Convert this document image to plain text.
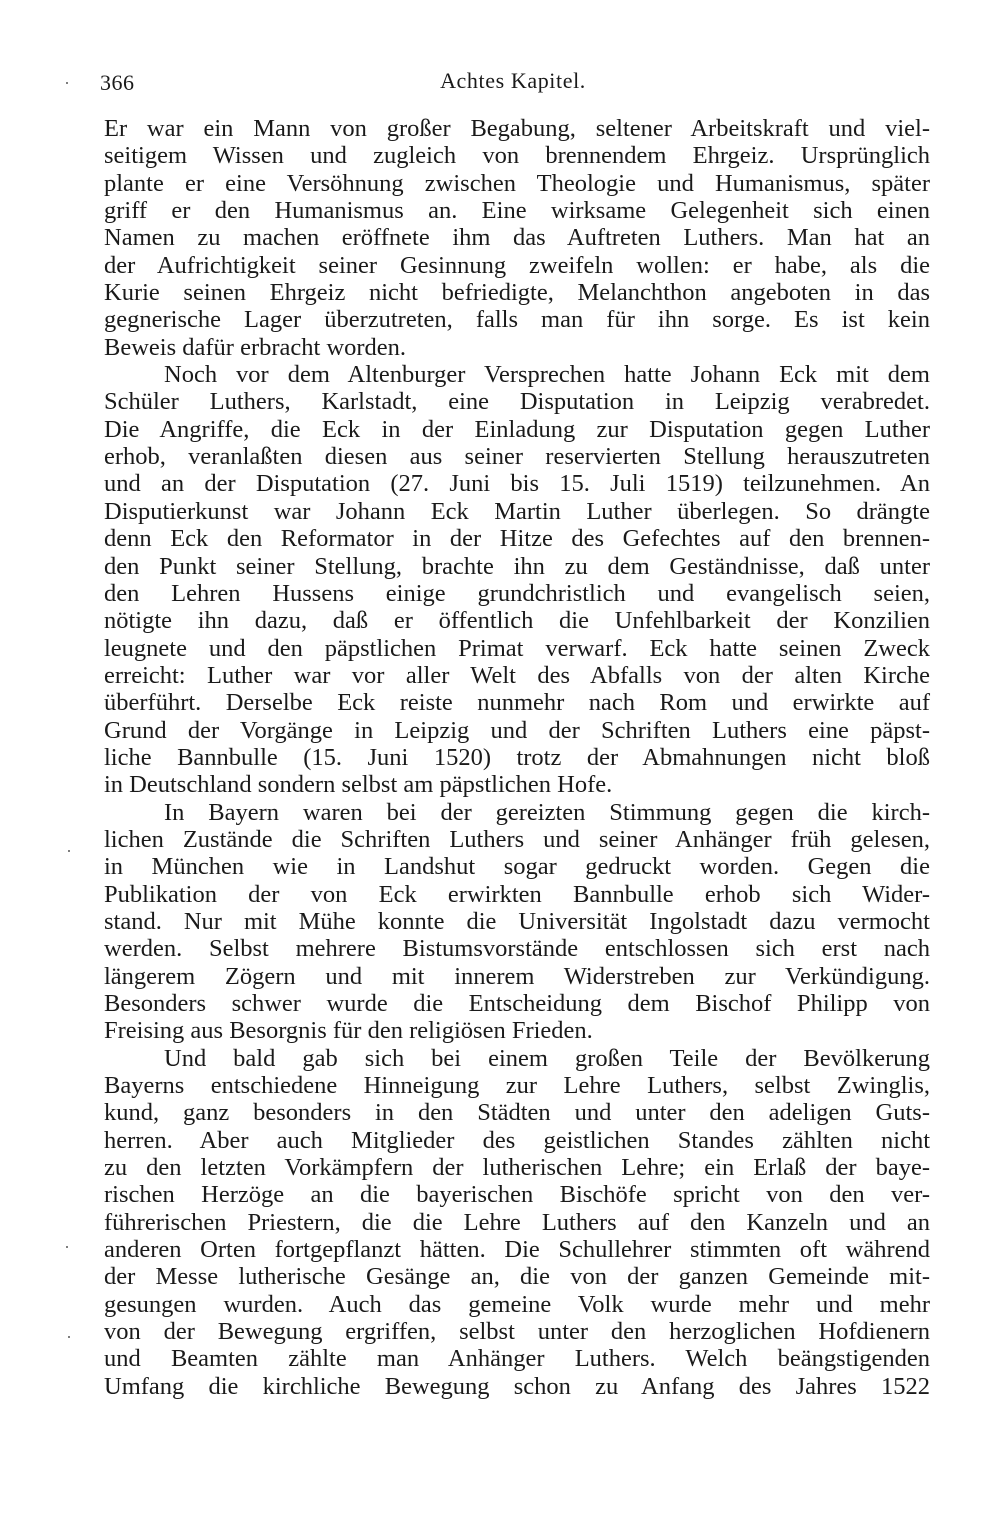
366	Achtes Kapitel.
Er war ein Mann von großer Begabung, seltener Arbeitskraft und viel-
seitigem Wissen und zugleich von brennendem Ehrgeiz. Ursprünglich
plante er eine Versöhnung zwischen Theologie und Humanismus, später
griff er den Humanismus an. Eine wirksame Gelegenheit sich einen
Namen zu machen eröffnete ihm das Auftreten Luthers. Man hat an
der Aufrichtigkeit seiner Gesinnung zweifeln wollen: er habe, als die
Kurie seinen Ehrgeiz nicht befriedigte, Melanchthon angeboten in das
gegnerische Lager überzutreten, falls man für ihn sorge. Es ist kein
Beweis dafür erbracht worden.
Noch vor dem Altenburger Versprechen hatte Johann Eck mit dem
Schüler Luthers, Karlstadt, eine Disputation in Leipzig verabredet.
Die Angriffe, die Eck in der Einladung zur Disputation gegen Luther
erhob, veranlaßten diesen aus seiner reservierten Stellung herauszutreten
und an der Disputation (27. Juni bis 15. Juli 1519) teilzunehmen. An
Disputierkunst war Johann Eck Martin Luther überlegen. So drängte
denn Eck den Reformator in der Hitze des Gefechtes auf den brennen-
den Punkt seiner Stellung, brachte ihn zu dem Geständnisse, daß unter
den Lehren Hussens einige grundchristlich und evangelisch seien,
nötigte ihn dazu, daß er öffentlich die Unfehlbarkeit der Konzilien
leugnete und den päpstlichen Primat verwarf. Eck hatte seinen Zweck
erreicht: Luther war vor aller Welt des Abfalls von der alten Kirche
überführt. Derselbe Eck reiste nunmehr nach Rom und erwirkte auf
Grund der Vorgänge in Leipzig und der Schriften Luthers eine päpst-
liche Bannbulle (15. Juni 1520) trotz der Abmahnungen nicht bloß
in Deutschland sondern selbst am päpstlichen Hofe.
In Bayern waren bei der gereizten Stimmung gegen die kirch-
lichen Zustände die Schriften Luthers und seiner Anhänger früh gelesen,
in München wie in Landshut sogar gedruckt worden. Gegen die
Publikation der von Eck erwirkten Bannbulle erhob sich Wider-
stand. Nur mit Mühe konnte die Universität Ingolstadt dazu vermocht
werden. Selbst mehrere Bistumsvorstände entschlossen sich erst nach
längerem Zögern und mit innerem Widerstreben zur Verkündigung.
Besonders schwer wurde die Entscheidung dem Bischof Philipp von
Freising aus Besorgnis für den religiösen Frieden.
Und bald gab sich bei einem großen Teile der Bevölkerung
Bayerns entschiedene Hinneigung zur Lehre Luthers, selbst Zwinglis,
kund, ganz besonders in den Städten und unter den adeligen Guts-
herren. Aber auch Mitglieder des geistlichen Standes zählten nicht
zu den letzten Vorkämpfern der lutherischen Lehre; ein Erlaß der baye-
rischen Herzöge an die bayerischen Bischöfe spricht von den ver-
führerischen Priestern, die die Lehre Luthers auf den Kanzeln und an
anderen Orten fortgepflanzt hätten. Die Schullehrer stimmten oft während
der Messe lutherische Gesänge an, die von der ganzen Gemeinde mit-
gesungen wurden. Auch das gemeine Volk wurde mehr und mehr
von der Bewegung ergriffen, selbst unter den herzoglichen Hofdienern
und Beamten zählte man Anhänger Luthers. Welch beängstigenden
Umfang die kirchliche Bewegung schon zu Anfang des Jahres 1522
